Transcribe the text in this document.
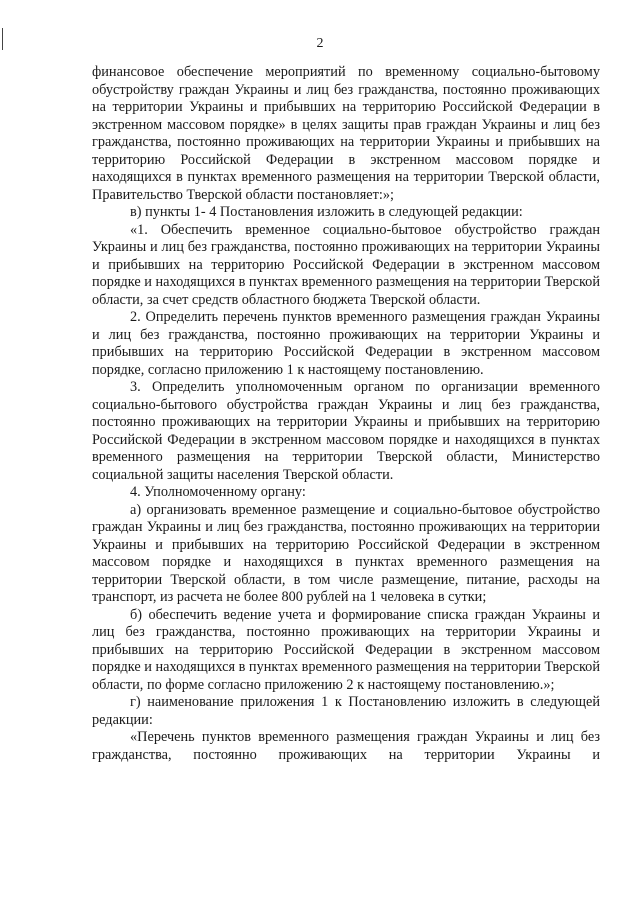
2

финансовое обеспечение мероприятий по временному социально-бытовому обустройству граждан Украины и лиц без гражданства, постоянно проживающих на территории Украины и прибывших на территорию Российской Федерации в экстренном массовом порядке» в целях защиты прав граждан Украины и лиц без гражданства, постоянно проживающих на территории Украины и прибывших на территорию Российской Федерации в экстренном массовом порядке и находящихся в пунктах временного размещения на территории Тверской области, Правительство Тверской области постановляет:»;

в) пункты 1- 4 Постановления изложить в следующей редакции:

«1. Обеспечить временное социально-бытовое обустройство граждан Украины и лиц без гражданства, постоянно проживающих на территории Украины и прибывших на территорию Российской Федерации в экстренном массовом порядке и находящихся в пунктах временного размещения на территории Тверской области, за счет средств областного бюджета Тверской области.

2. Определить перечень пунктов временного размещения граждан Украины и лиц без гражданства, постоянно проживающих на территории Украины и прибывших на территорию Российской Федерации в экстренном массовом порядке, согласно приложению 1 к настоящему постановлению.

3. Определить уполномоченным органом по организации временного социально-бытового обустройства граждан Украины и лиц без гражданства, постоянно проживающих на территории Украины и прибывших на территорию Российской Федерации в экстренном массовом порядке и находящихся в пунктах временного размещения на территории Тверской области, Министерство социальной защиты населения Тверской области.

4. Уполномоченному органу:

а) организовать временное размещение и социально-бытовое обустройство граждан Украины и лиц без гражданства, постоянно проживающих на территории Украины и прибывших на территорию Российской Федерации в экстренном массовом порядке и находящихся в пунктах временного размещения на территории Тверской области, в том числе размещение, питание, расходы на транспорт, из расчета не более 800 рублей на 1 человека в сутки;

б) обеспечить ведение учета и формирование списка граждан Украины и лиц без гражданства, постоянно проживающих на территории Украины и прибывших на территорию Российской Федерации в экстренном массовом порядке и находящихся в пунктах временного размещения на территории Тверской области, по форме согласно приложению 2 к настоящему постановлению.»;

г) наименование приложения 1 к Постановлению изложить в следующей редакции:

«Перечень пунктов временного размещения граждан Украины и лиц без гражданства, постоянно проживающих на территории Украины и
